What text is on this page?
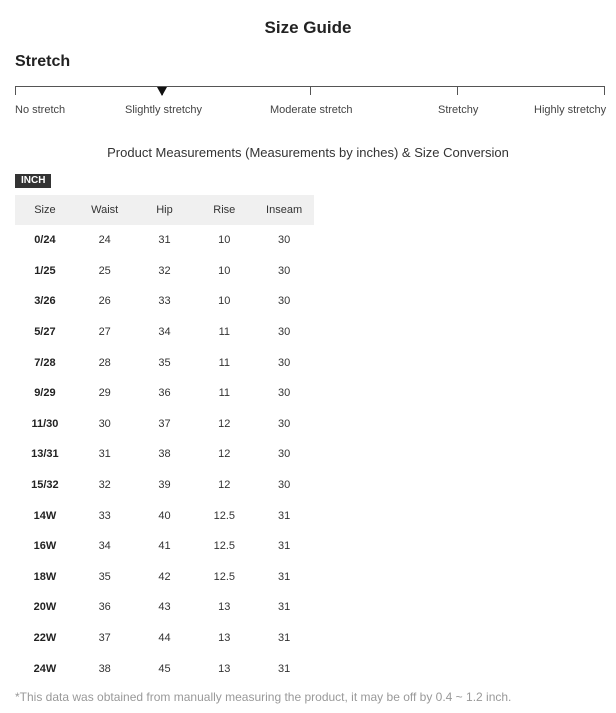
Size Guide
Stretch
No stretch	Slightly stretchy	Moderate stretch	Stretchy	Highly stretchy
Product Measurements (Measurements by inches) & Size Conversion
INCH
Size	Waist	Hip	Rise	Inseam
0/24	24	31	10	30
1/25	25	32	10	30
3/26	26	33	10	30
5/27	27	34	11	30
7/28	28	35	11	30
9/29	29	36	11	30
11/30	30	37	12	30
13/31	31	38	12	30
15/32	32	39	12	30
14W	33	40	12.5	31
16W	34	41	12.5	31
18W	35	42	12.5	31
20W	36	43	13	31
22W	37	44	13	31
24W	38	45	13	31
*This data was obtained from manually measuring the product, it may be off by 0.4 ~ 1.2 inch.
